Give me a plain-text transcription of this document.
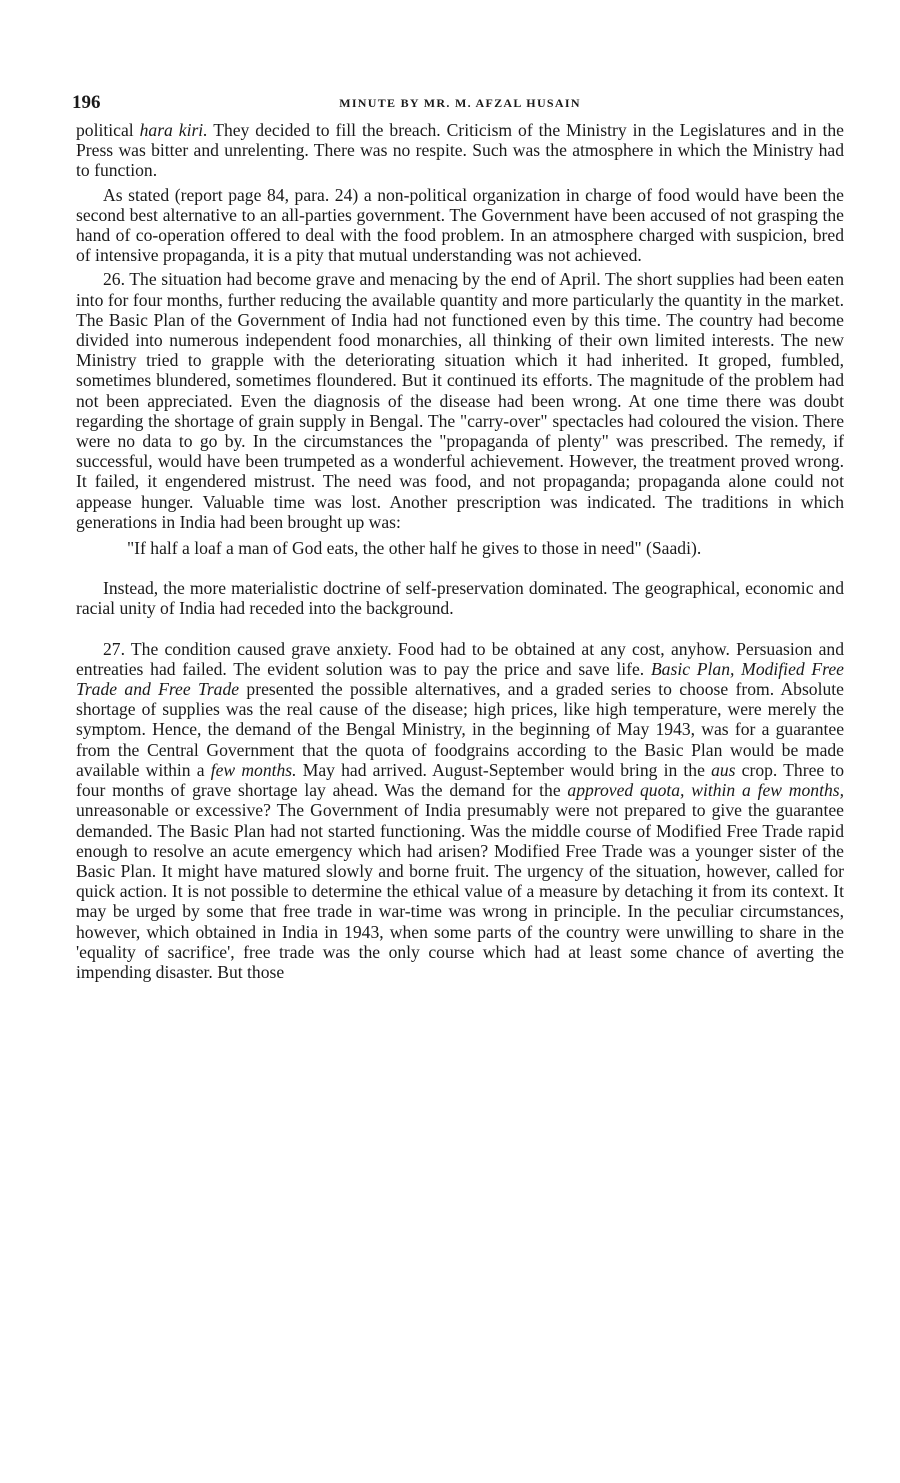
196	MINUTE BY MR. M. AFZAL HUSAIN

political hara kiri. They decided to fill the breach. Criticism of the Ministry in the Legislatures and in the Press was bitter and unrelenting. There was no respite. Such was the atmosphere in which the Ministry had to function.

As stated (report page 84, para. 24) a non-political organization in charge of food would have been the second best alternative to an all-parties government. The Government have been accused of not grasping the hand of co-operation offered to deal with the food problem. In an atmosphere charged with suspicion, bred of intensive propaganda, it is a pity that mutual understanding was not achieved.

26. The situation had become grave and menacing by the end of April. The short supplies had been eaten into for four months, further reducing the available quantity and more particularly the quantity in the market. The Basic Plan of the Government of India had not functioned even by this time. The country had become divided into numerous independent food monarchies, all thinking of their own limited interests. The new Ministry tried to grapple with the deteriorating situation which it had inherited. It groped, fumbled, sometimes blundered, sometimes floundered. But it continued its efforts. The magnitude of the problem had not been appreciated. Even the diagnosis of the disease had been wrong. At one time there was doubt regarding the shortage of grain supply in Bengal. The "carry-over" spectacles had coloured the vision. There were no data to go by. In the circumstances the "propaganda of plenty" was prescribed. The remedy, if successful, would have been trumpeted as a wonderful achievement. However, the treatment proved wrong. It failed, it engendered mistrust. The need was food, and not propaganda; propaganda alone could not appease hunger. Valuable time was lost. Another prescription was indicated. The traditions in which generations in India had been brought up was:

"If half a loaf a man of God eats, the other half he gives to those in need" (Saadi).

Instead, the more materialistic doctrine of self-preservation dominated. The geographical, economic and racial unity of India had receded into the background.

27. The condition caused grave anxiety. Food had to be obtained at any cost, anyhow. Persuasion and entreaties had failed. The evident solution was to pay the price and save life. Basic Plan, Modified Free Trade and Free Trade presented the possible alternatives, and a graded series to choose from. Absolute shortage of supplies was the real cause of the disease; high prices, like high temperature, were merely the symptom. Hence, the demand of the Bengal Ministry, in the beginning of May 1943, was for a guarantee from the Central Government that the quota of foodgrains according to the Basic Plan would be made available within a few months. May had arrived. August-September would bring in the aus crop. Three to four months of grave shortage lay ahead. Was the demand for the approved quota, within a few months, unreasonable or excessive? The Government of India presumably were not prepared to give the guarantee demanded. The Basic Plan had not started functioning. Was the middle course of Modified Free Trade rapid enough to resolve an acute emergency which had arisen? Modified Free Trade was a younger sister of the Basic Plan. It might have matured slowly and borne fruit. The urgency of the situation, however, called for quick action. It is not possible to determine the ethical value of a measure by detaching it from its context. It may be urged by some that free trade in war-time was wrong in principle. In the peculiar circumstances, however, which obtained in India in 1943, when some parts of the country were unwilling to share in the 'equality of sacrifice', free trade was the only course which had at least some chance of averting the impending disaster. But those
